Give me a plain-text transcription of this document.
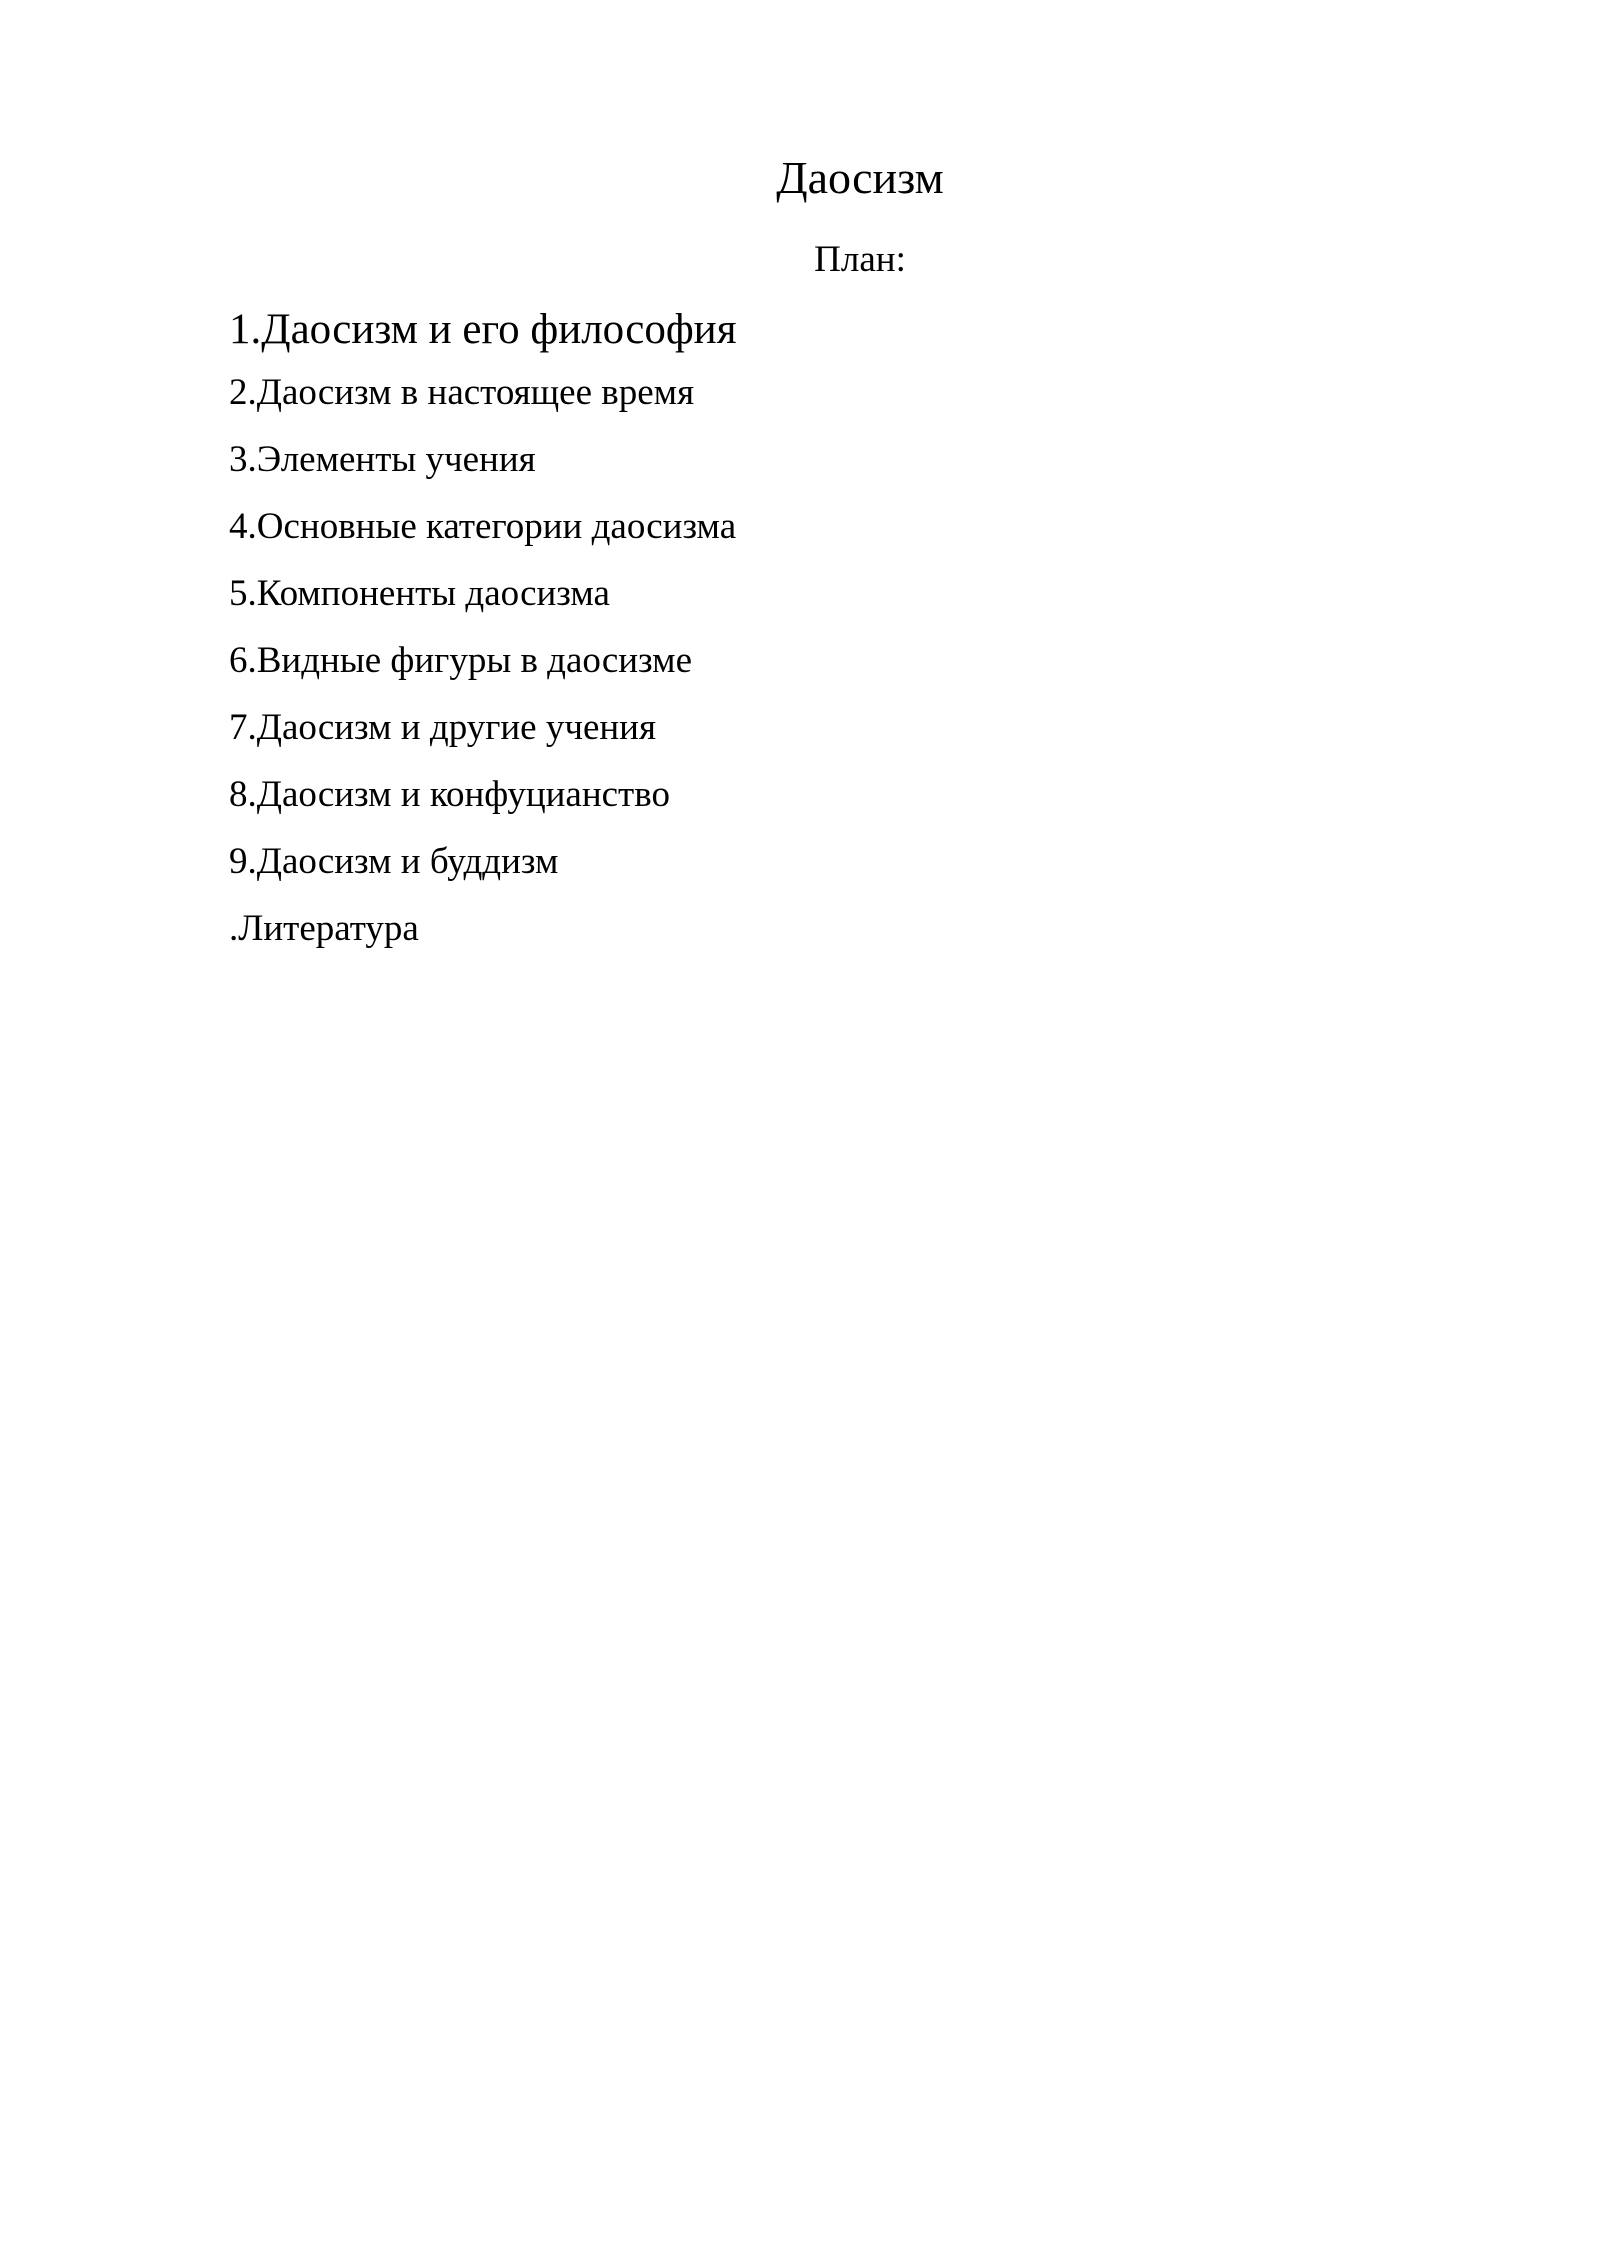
Даосизм

План:

1.Даосизм и его философия
2.Даосизм в настоящее время
3.Элементы учения
4.Основные категории даосизма
5.Компоненты даосизма
6.Видные фигуры в даосизме
7.Даосизм и другие учения
8.Даосизм и конфуцианство
9.Даосизм и буддизм
.Литература
